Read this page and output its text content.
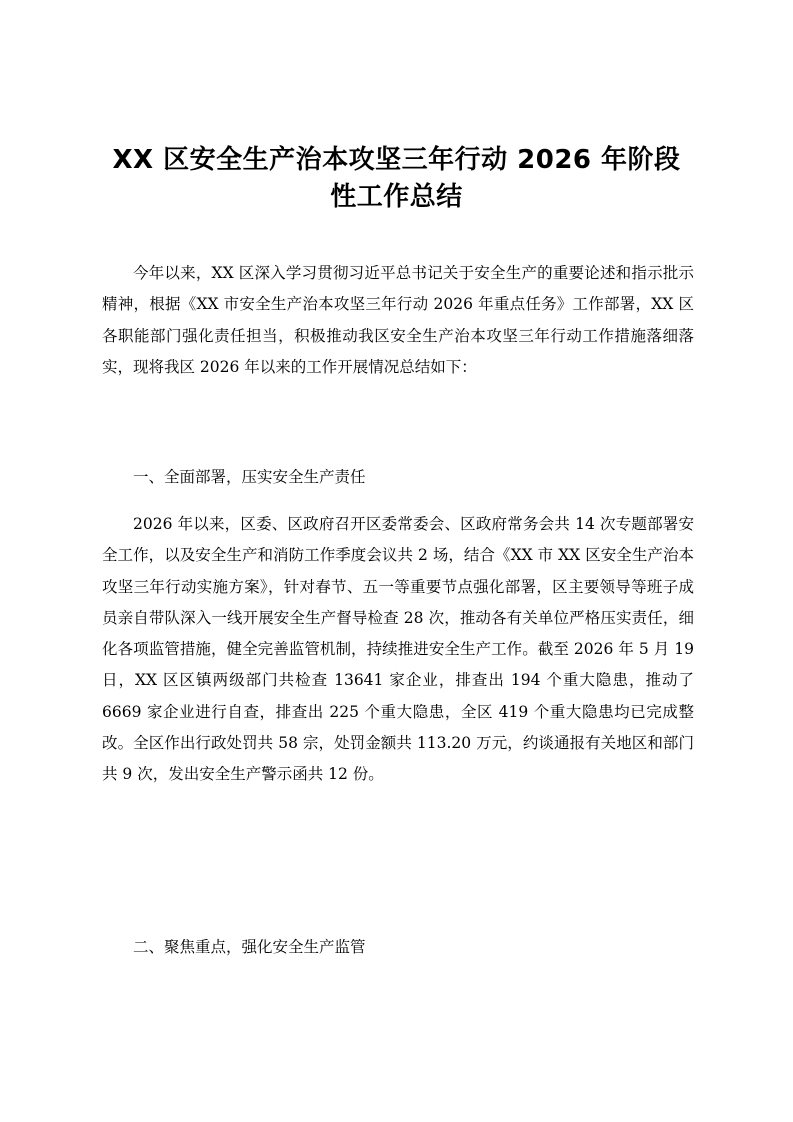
XX 区安全生产治本攻坚三年行动 2026 年阶段性工作总结

今年以来，XX 区深入学习贯彻习近平总书记关于安全生产的重要论述和指示批示精神，根据《XX 市安全生产治本攻坚三年行动 2026 年重点任务》工作部署，XX 区各职能部门强化责任担当，积极推动我区安全生产治本攻坚三年行动工作措施落细落实，现将我区 2026 年以来的工作开展情况总结如下：

一、全面部署，压实安全生产责任

2026 年以来，区委、区政府召开区委常委会、区政府常务会共 14 次专题部署安全工作，以及安全生产和消防工作季度会议共 2 场，结合《XX 市 XX 区安全生产治本攻坚三年行动实施方案》，针对春节、五一等重要节点强化部署，区主要领导等班子成员亲自带队深入一线开展安全生产督导检查 28 次，推动各有关单位严格压实责任，细化各项监管措施，健全完善监管机制，持续推进安全生产工作。截至 2026 年 5 月 19 日，XX 区区镇两级部门共检查 13641 家企业，排查出 194 个重大隐患，推动了 6669 家企业进行自查，排查出 225 个重大隐患，全区 419 个重大隐患均已完成整改。全区作出行政处罚共 58 宗，处罚金额共 113.20 万元，约谈通报有关地区和部门共 9 次，发出安全生产警示函共 12 份。

二、聚焦重点，强化安全生产监管
